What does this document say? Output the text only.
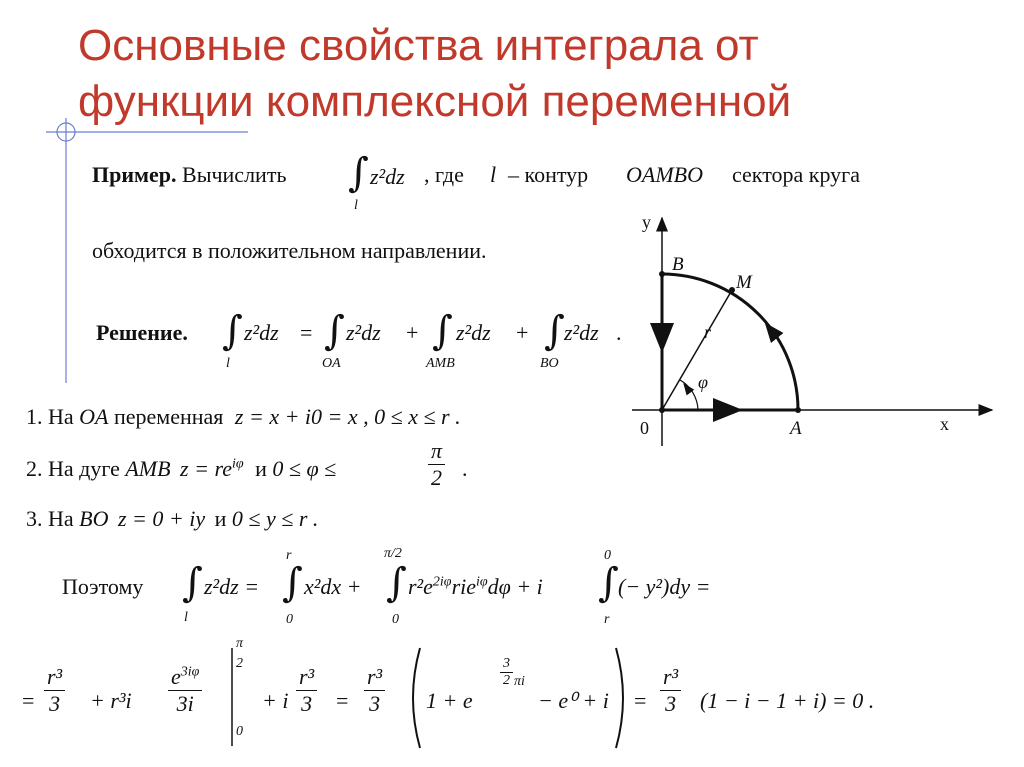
Основные свойства интеграла от
функции комплексной переменной
Пример. Вычислить ∫
l
z²dz , где l – контур OAMBO сектора круга
обходится в положительном направлении.
Решение. ∫
l
z²dz = ∫
OA
z²dz + ∫
AMB
z²dz + ∫
BO
z²dz .
1. На OA переменная z = x + i0 = x , 0 ≤ x ≤ r .
2. На дуге AMB $z = re^{i\varphi}$ и 0 ≤ φ ≤	$\frac{\pi}{2}$ .
3. На BO z = 0 + iy и 0 ≤ y ≤ r .
Поэтому ∫
l
z²dz =
r
∫
0
x²dx +
π/2
∫
0
$r^2e^{2i\varphi}rie^{i\varphi}d\varphi + i$
0
∫
r
(− y²)dy =
= $\frac{\text{r³}}{3} + r^3i \frac{e^{3i\varphi}}{3i}$
π
2
0
+ i $\frac{\text{r³}}{3} = \frac{\text{r³}}{3} 1 + e$
$\frac{3}{2}$ πi
− $e^0 + i = \frac{\text{r³}}{3} (1 - i - 1 + i) = 0$ .
y
x
0	A
B
M
r
φ
